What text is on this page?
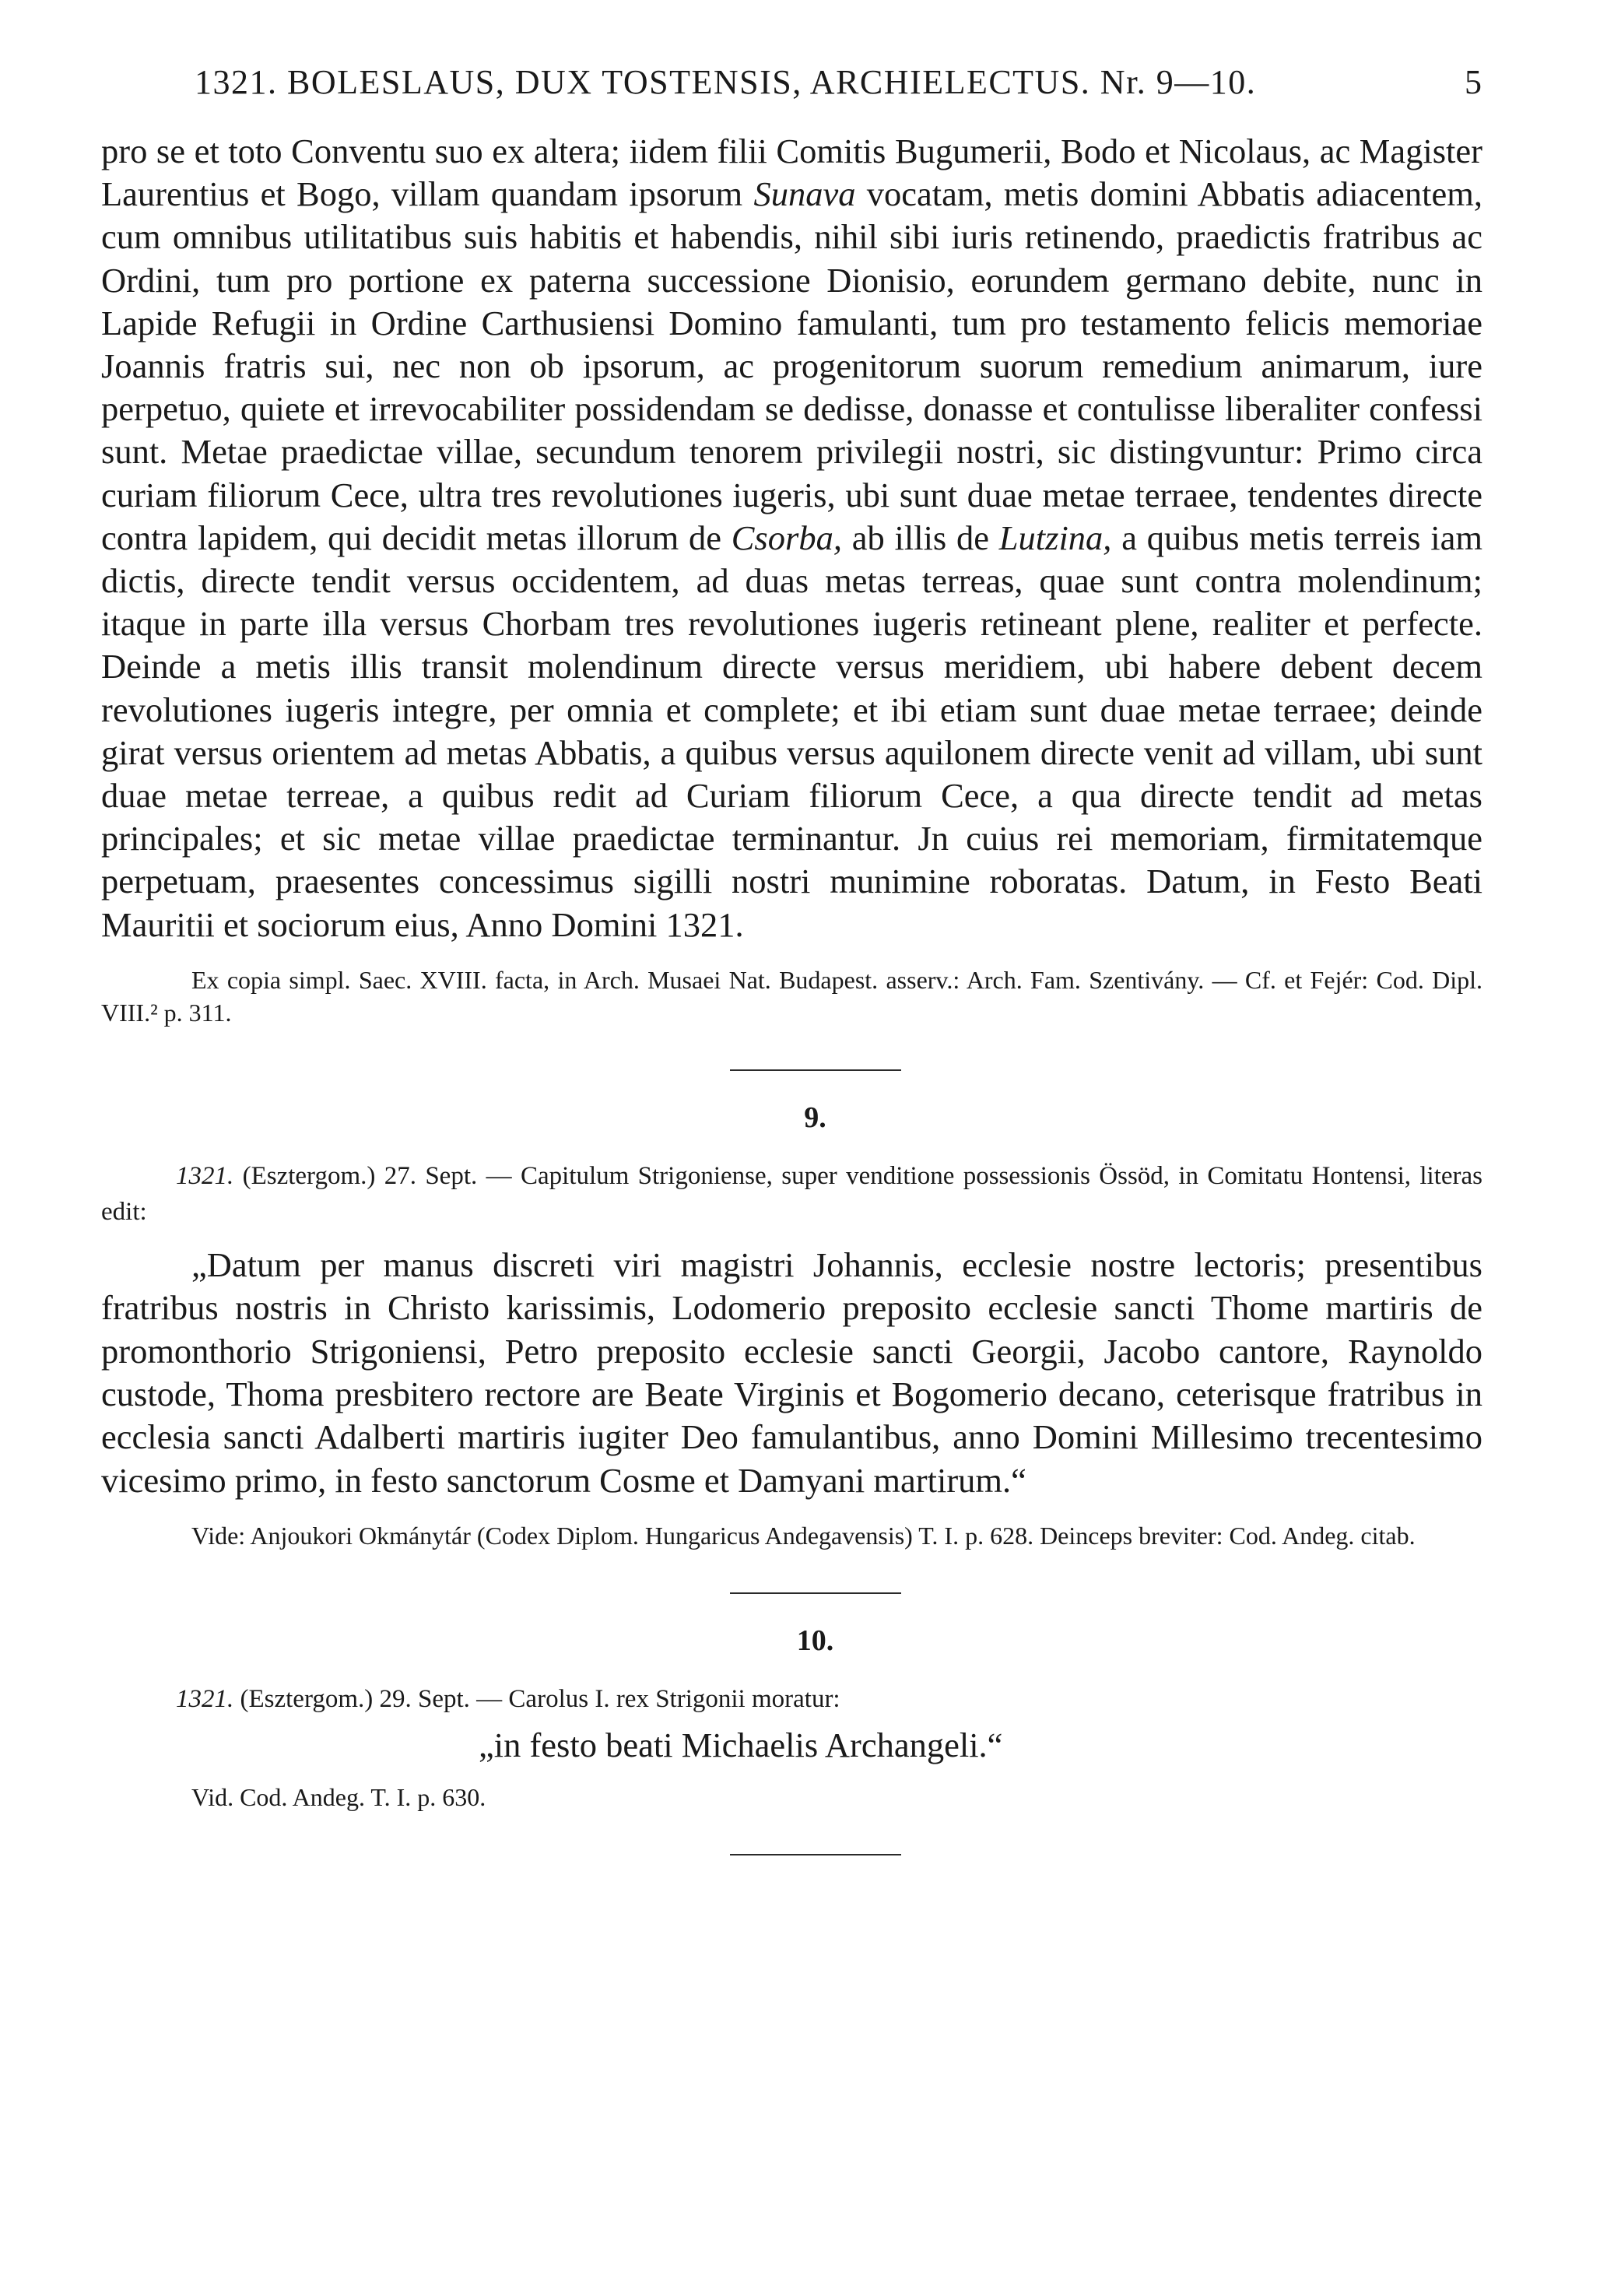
1321. BOLESLAUS, DUX TOSTENSIS, ARCHIELECTUS. Nr. 9—10.	5

pro se et toto Conventu suo ex altera; iidem filii Comitis Bugumerii, Bodo et Nicolaus, ac Magister Laurentius et Bogo, villam quandam ipsorum Sunava vocatam, metis domini Abbatis adiacentem, cum omnibus utilitatibus suis habitis et habendis, nihil sibi iuris retinendo, praedictis fratribus ac Ordini, tum pro portione ex paterna successione Dionisio, eorundem germano debite, nunc in Lapide Refugii in Ordine Carthusiensi Domino famulanti, tum pro testamento felicis memoriae Joannis fratris sui, nec non ob ipsorum, ac progenitorum suorum remedium animarum, iure perpetuo, quiete et irrevocabiliter possidendam se dedisse, donasse et contulisse liberaliter confessi sunt. Metae praedictae villae, secundum tenorem privilegii nostri, sic distingvuntur: Primo circa curiam filiorum Cece, ultra tres revolutiones iugeris, ubi sunt duae metae terraee, tendentes directe contra lapidem, qui decidit metas illorum de Csorba, ab illis de Lutzina, a quibus metis terreis iam dictis, directe tendit versus occidentem, ad duas metas terreas, quae sunt contra molendinum; itaque in parte illa versus Chorbam tres revolutiones iugeris retineant plene, realiter et perfecte. Deinde a metis illis transit molendinum directe versus meridiem, ubi habere debent decem revolutiones iugeris integre, per omnia et complete; et ibi etiam sunt duae metae terraee; deinde girat versus orientem ad metas Abbatis, a quibus versus aquilonem directe venit ad villam, ubi sunt duae metae terreae, a quibus redit ad Curiam filiorum Cece, a qua directe tendit ad metas principales; et sic metae villae praedictae terminantur. Jn cuius rei memoriam, firmitatemque perpetuam, praesentes concessimus sigilli nostri munimine roboratas. Datum, in Festo Beati Mauritii et sociorum eius, Anno Domini 1321.

Ex copia simpl. Saec. XVIII. facta, in Arch. Musaei Nat. Budapest. asserv.: Arch. Fam. Szentivány. — Cf. et Fejér: Cod. Dipl. VIII.² p. 311.

9.

1321. (Esztergom.) 27. Sept. — Capitulum Strigoniense, super venditione possessionis Össöd, in Comitatu Hontensi, literas edit:

„Datum per manus discreti viri magistri Johannis, ecclesie nostre lectoris; presentibus fratribus nostris in Christo karissimis, Lodomerio preposito ecclesie sancti Thome martiris de promonthorio Strigoniensi, Petro preposito ecclesie sancti Georgii, Jacobo cantore, Raynoldo custode, Thoma presbitero rectore are Beate Virginis et Bogomerio decano, ceterisque fratribus in ecclesia sancti Adalberti martiris iugiter Deo famulantibus, anno Domini Millesimo trecentesimo vicesimo primo, in festo sanctorum Cosme et Damyani martirum.“

Vide: Anjoukori Okmánytár (Codex Diplom. Hungaricus Andegavensis) T. I. p. 628. Deinceps breviter: Cod. Andeg. citab.

10.

1321. (Esztergom.) 29. Sept. — Carolus I. rex Strigonii moratur:

„in festo beati Michaelis Archangeli.“

Vid. Cod. Andeg. T. I. p. 630.
